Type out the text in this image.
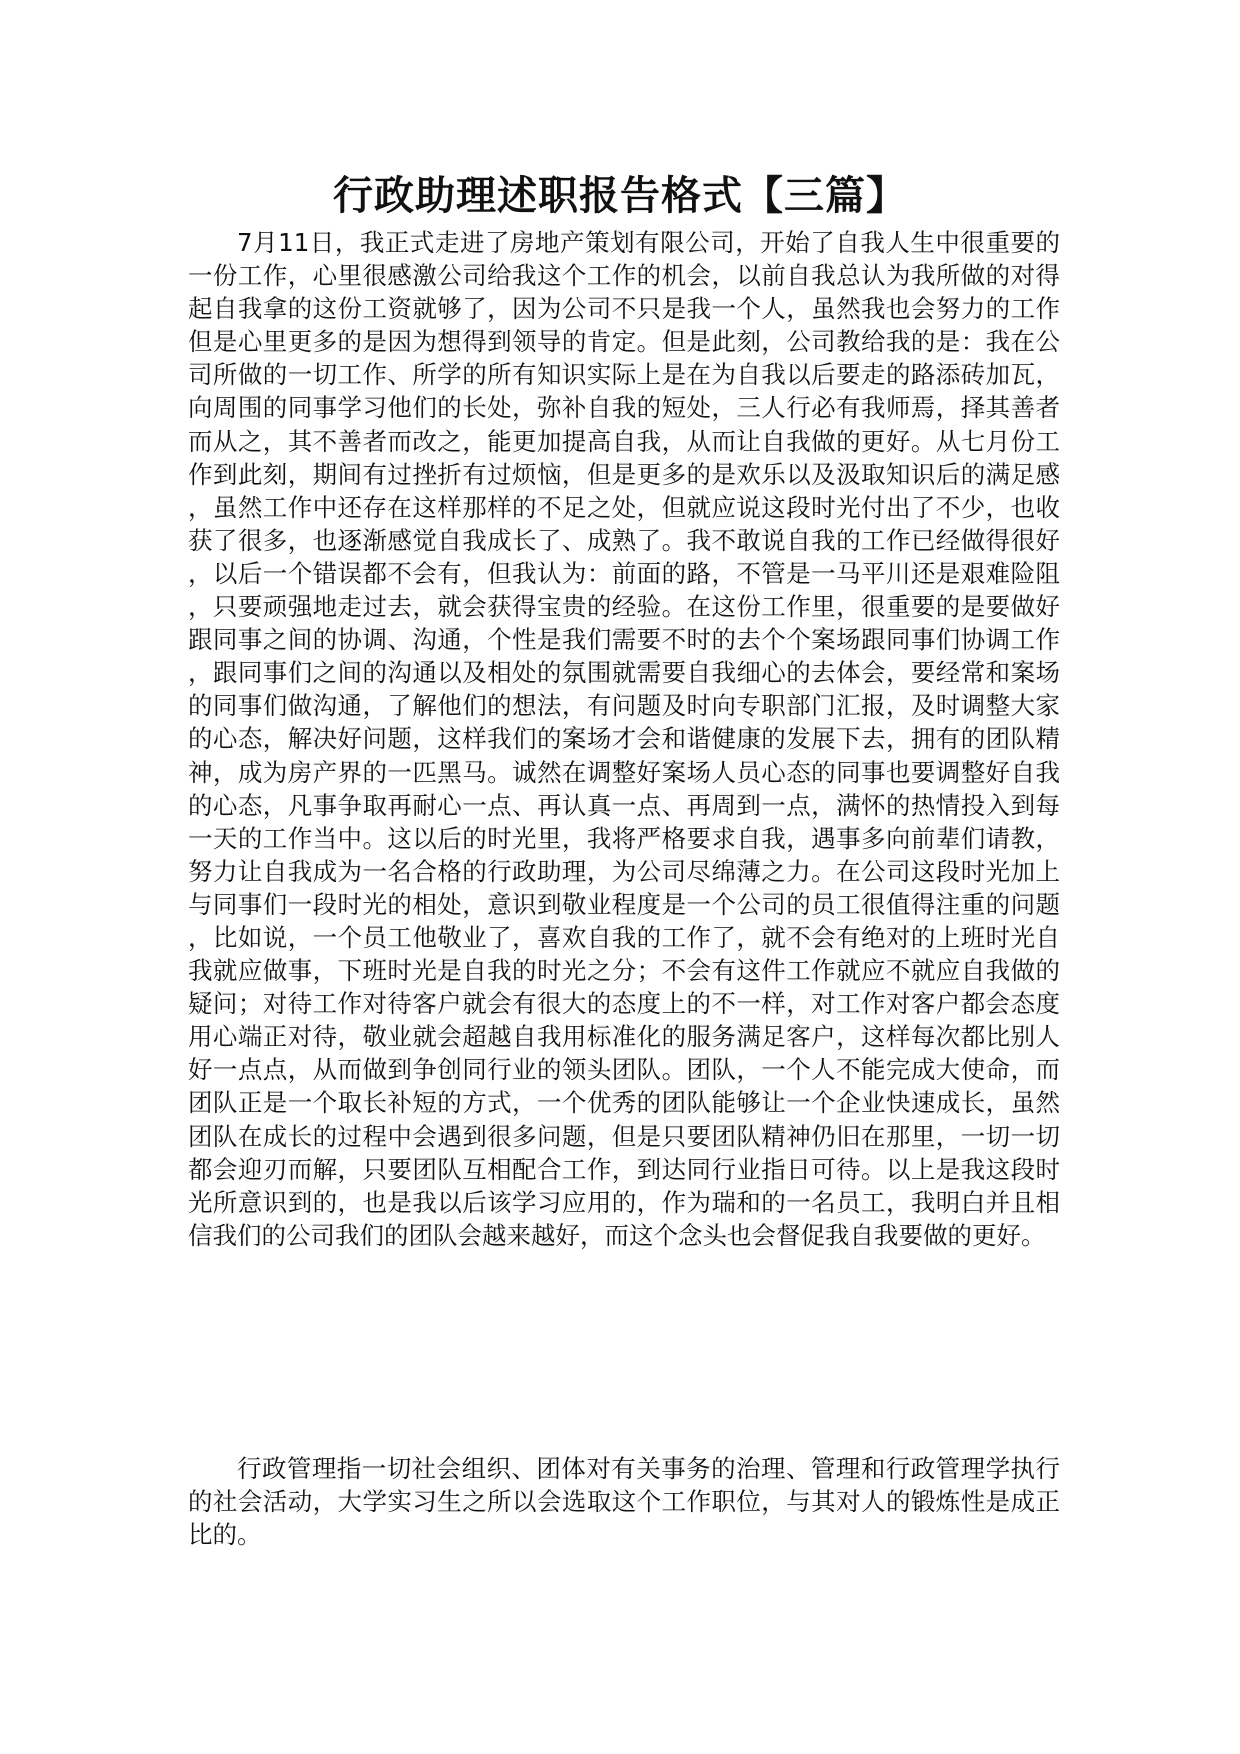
行政助理述职报告格式【三篇】

7月11日，我正式走进了房地产策划有限公司，开始了自我人生中很重要的一份工作，心里很感激公司给我这个工作的机会，以前自我总认为我所做的对得起自我拿的这份工资就够了，因为公司不只是我一个人，虽然我也会努力的工作但是心里更多的是因为想得到领导的肯定。但是此刻，公司教给我的是：我在公司所做的一切工作、所学的所有知识实际上是在为自我以后要走的路添砖加瓦，向周围的同事学习他们的长处，弥补自我的短处，三人行必有我师焉，择其善者而从之，其不善者而改之，能更加提高自我，从而让自我做的更好。从七月份工作到此刻，期间有过挫折有过烦恼，但是更多的是欢乐以及汲取知识后的满足感，虽然工作中还存在这样那样的不足之处，但就应说这段时光付出了不少，也收获了很多，也逐渐感觉自我成长了、成熟了。我不敢说自我的工作已经做得很好，以后一个错误都不会有，但我认为：前面的路，不管是一马平川还是艰难险阻，只要顽强地走过去，就会获得宝贵的经验。在这份工作里，很重要的是要做好跟同事之间的协调、沟通，个性是我们需要不时的去个个案场跟同事们协调工作，跟同事们之间的沟通以及相处的氛围就需要自我细心的去体会，要经常和案场的同事们做沟通，了解他们的想法，有问题及时向专职部门汇报，及时调整大家的心态，解决好问题，这样我们的案场才会和谐健康的发展下去，拥有的团队精神，成为房产界的一匹黑马。诚然在调整好案场人员心态的同事也要调整好自我的心态，凡事争取再耐心一点、再认真一点、再周到一点，满怀的热情投入到每一天的工作当中。这以后的时光里，我将严格要求自我，遇事多向前辈们请教，努力让自我成为一名合格的行政助理，为公司尽绵薄之力。在公司这段时光加上与同事们一段时光的相处，意识到敬业程度是一个公司的员工很值得注重的问题，比如说，一个员工他敬业了，喜欢自我的工作了，就不会有绝对的上班时光自我就应做事，下班时光是自我的时光之分；不会有这件工作就应不就应自我做的疑问；对待工作对待客户就会有很大的态度上的不一样，对工作对客户都会态度用心端正对待，敬业就会超越自我用标准化的服务满足客户，这样每次都比别人好一点点，从而做到争创同行业的领头团队。团队，一个人不能完成大使命，而团队正是一个取长补短的方式，一个优秀的团队能够让一个企业快速成长，虽然团队在成长的过程中会遇到很多问题，但是只要团队精神仍旧在那里，一切一切都会迎刃而解，只要团队互相配合工作，到达同行业指日可待。以上是我这段时光所意识到的，也是我以后该学习应用的，作为瑞和的一名员工，我明白并且相信我们的公司我们的团队会越来越好，而这个念头也会督促我自我要做的更好。

行政管理指一切社会组织、团体对有关事务的治理、管理和行政管理学执行的社会活动，大学实习生之所以会选取这个工作职位，与其对人的锻炼性是成正比的。
